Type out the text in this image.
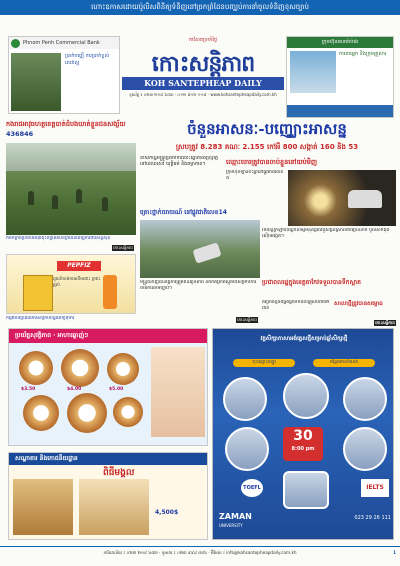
ហោះ​ឧកាស​ដោយ​ប៉ូលិស​​​ពិនិត្យ​ទំនិញ​នៅ​ច្រក​ព្រំដែន​​បញ្ឈប់​ការ​នាំ​ចូល​ទំនិញ​ខុស​ច្បាប់
Phnom Penh Commercial Bank
ប្រាក់បញ្ញើ ការប្រាក់ខ្ពស់ សេវាល្អ
កាសែតប្រចាំថ្ងៃ
កោះសន្តិភាព
KOH SANTEPHEAP DAILY
ទូរស័ព្ទ ៖ ០២៣ ២១៨ ៦៥៣ · ០១២ ៨១២ ១១៨ · www.kohsantepheapdaily.com.kh
ក្រុមហ៊ុនធានារ៉ាប់រង
ការពារអ្នក និងក្រុមគ្រួសារ
កងរាជអាវុធហត្ថ​ខេត្ត​បាត់ដំបង​ឃាត់​ខ្លួន​ជន​សង្ស័យ 436846	ចំនួនអាសនៈ-បញ្ឈោះអាសន្ន
ស្របត្រូវ 8.283 គណៈ 2.155 កៅអី 800 សង្កាត់ 160 និង 53
កងកម្លាំង​ប្រដាប់​អាវុធ​ចុះ​ល្បាត​តំបន់​ព្រំដែន​ដើម្បី​ការពារ​សន្តិសុខ
កោះសន្តិភាព
នាយករដ្ឋមន្ត្រី​ថ្លែង​ថា​ការ​បោះឆ្នោត​នឹង​ប្រព្រឹត្តទៅ​ដោយ​សេរី ​យុត្តិធម៌ និង​តម្លាភាព​។	ឈ្មោះ​ចោរ​​ត្រូវ​បាន​ចាប់​ខ្លួន​នៅ​យប់​មិញ
ក្រុមហ៊ុន​ឡាន​ប៉ះ​គ្នា​នៅ​ផ្លូវជាតិ​លេខ​៥
គ្រោះថ្នាក់ចរាចរណ៍ នៅផ្លូវជាតិលេខ14
រថយន្ត​ក្រឡាប់​បណ្ដាល​ឲ្យ​មនុស្ស​រងរបួស​ធ្ងន់​ស្រាល​ជាច្រើន​នាក់​ ប៉ូលិស​កំពុង​ស៊ើប​អង្កេត​។
PEPFIZ
ជួយ​បំបាត់​ការ​ហើម​ពោះ ​ក្រពះ​ឆ្អល់
មន្ត្រី​ជំនាញ​បាន​ធ្វើ​ការ​ត្រួតពិនិត្យ​ទីតាំង​ និង​កត់ត្រា​ភស្តុតាង​​សម្រាប់​ការ​ចាត់ការ​តាម​ច្បាប់​។
កោះសន្តិភាព
ប្រជាពលរដ្ឋ​​ក្នុង​ខេត្ត​តាកែវ​​ទទួល​បាន​ទឹក​ស្អាត
គម្រោង​ថ្មី​នឹង​ផ្គត់ផ្គង់​ទឹក​ដល់​គ្រួសារ​ជាង​២​ពាន់
សាលា​ថ្មី​​ត្រូវ​បាន​សម្ពោធ
កោះសន្តិភាព
កម្មវិធី​បរិច្ចាគ​ឈាម​​សម្រាប់​មន្ទីរពេទ្យ​កុមារ
ប្រយ័ត្នសុវត្ថិភាព · អាហារ​ឆ្ងាញ់​ៗ
$3.50	$4.00	$5.00
សណ្ឋាគារ និង​​​​ភោជនីយដ្ឋាន
ពិធីមង្គល
4,500$
វគ្គ​សិក្សា​ភាសា​អង់គ្លេស​ថ្មី​សម្រាប់​ឆ្នាំ​សិក្សា​ថ្មី
ចុះឈ្មោះឥឡូវ	កន្លែងមានកំណត់
30
8:00 pm
TOEFL	IELTS
ZAMAN
UNIVERSITY
023 29 26 111
ការិយាល័យ ៖ ០២៣ ២១៨ ៦៥៣ · ទូរសារ ៖ ០២៣ ៩៩៨ ៥៥៦ · អ៊ីមែល ៖ info@kohsantepheapdaily.com.kh	1
